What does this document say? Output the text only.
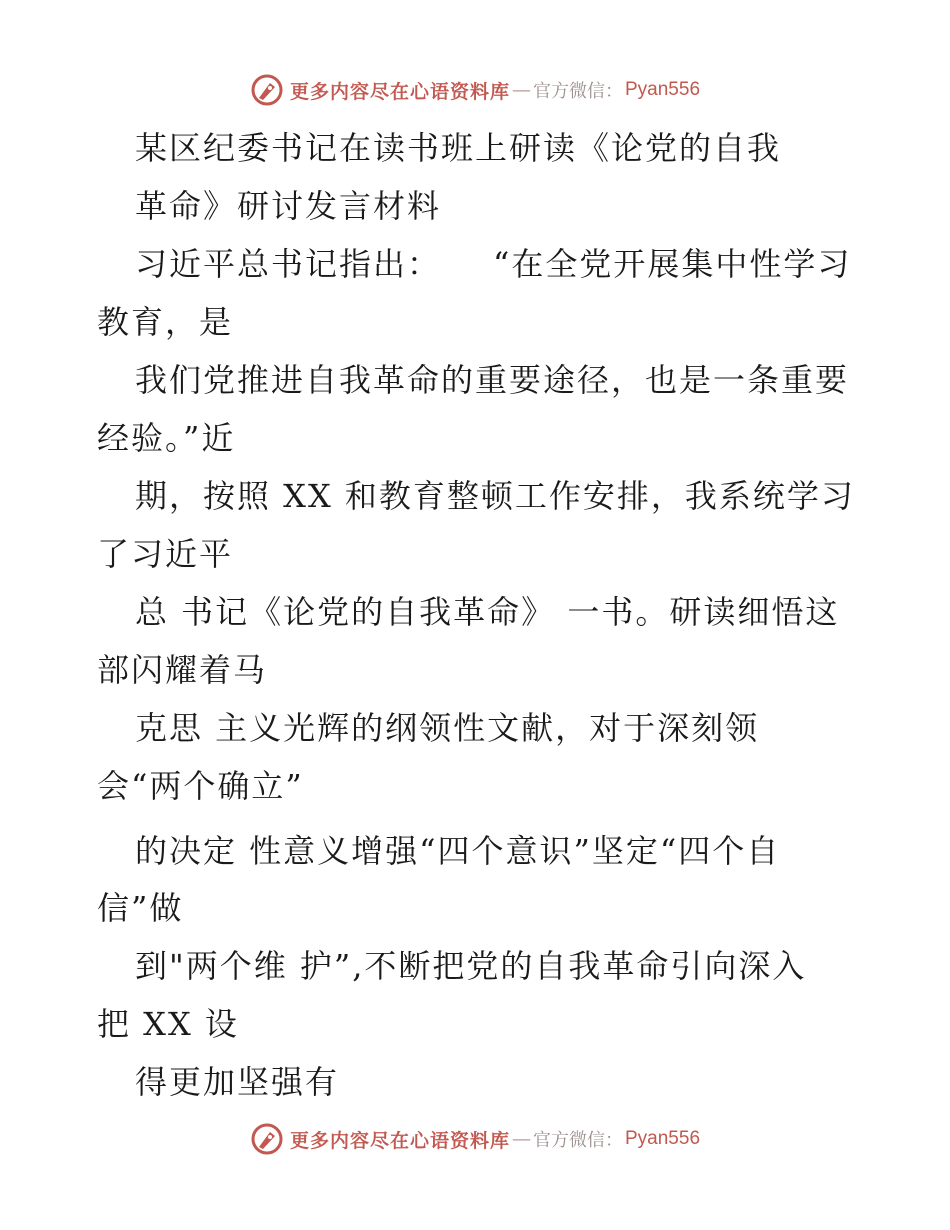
更多内容尽在心语资料库 — 官方微信： Pyan556
某区纪委书记在读书班上研读《论党的自我
革命》研讨发言材料
习近平总书记指出：　　“在全党开展集中性学习
教育，是
我们党推进自我革命的重要途径，也是一条重要
经验。”近
期，按照 XX 和教育整顿工作安排，我系统学习
了习近平
总 书记《论党的自我革命》 一书。研读细悟这
部闪耀着马
克思 主义光辉的纲领性文献，对于深刻领
会“两个确立”
的决定 性意义增强“四个意识”坚定“四个自
信”做
到"两个维 护”,不断把党的自我革命引向深入
把 XX 设
得更加坚强有
更多内容尽在心语资料库 — 官方微信： Pyan556
